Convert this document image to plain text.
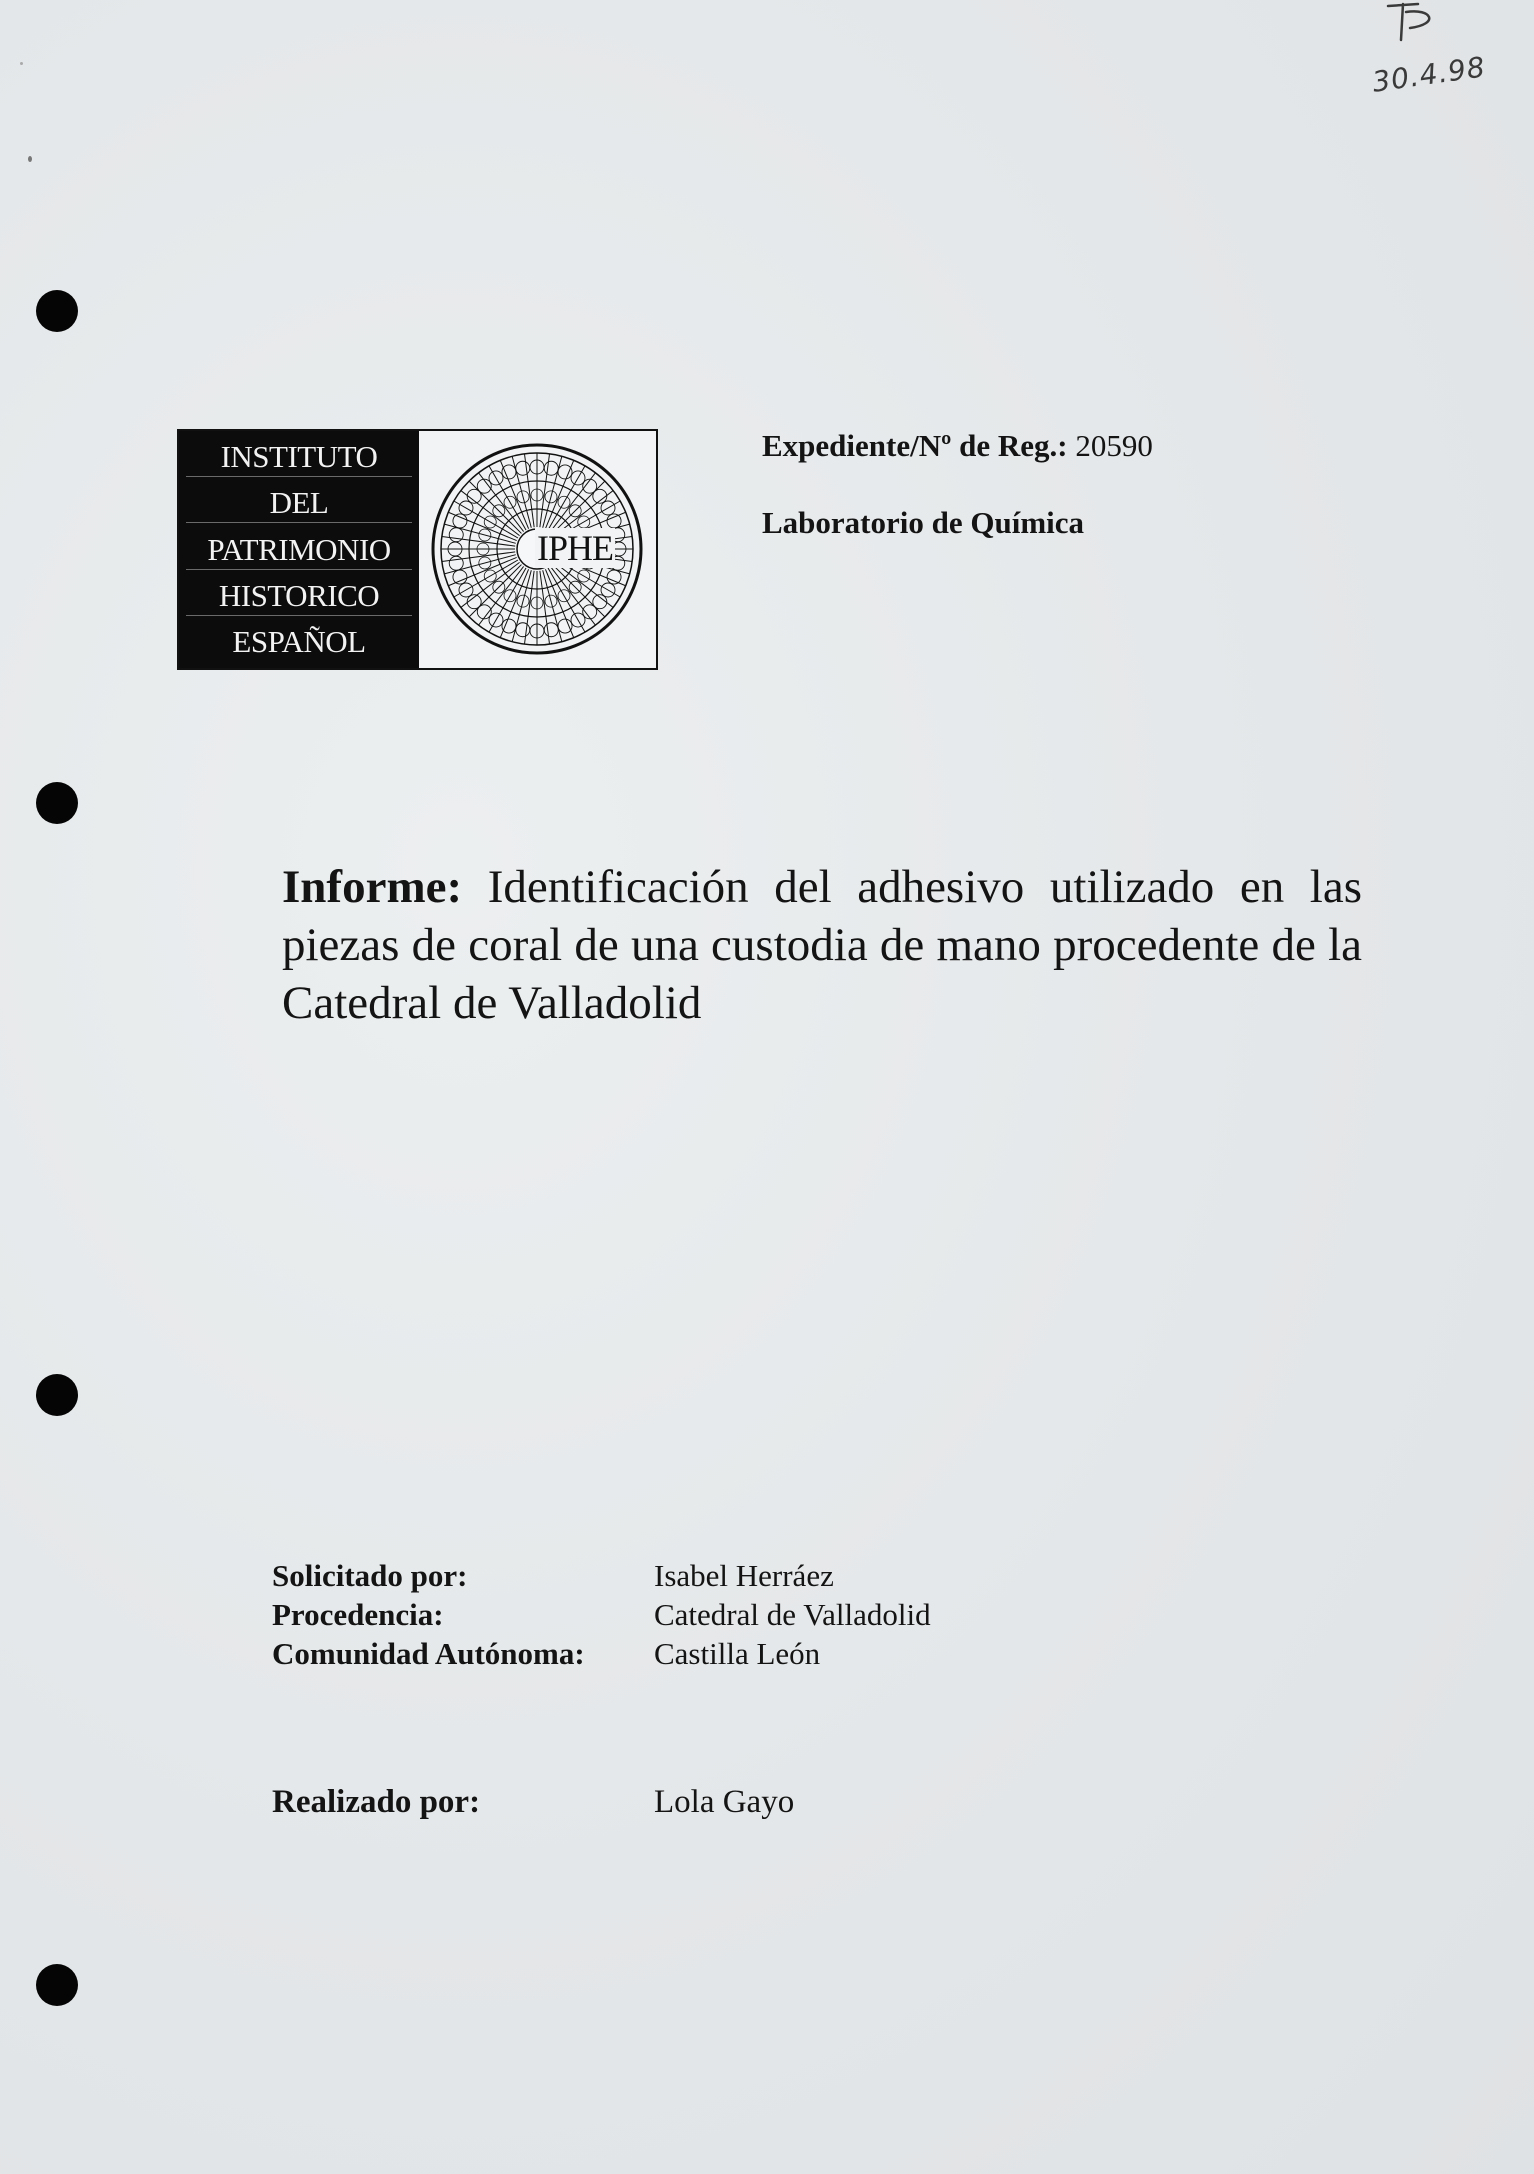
30.4.98
INSTITUTO
DEL
PATRIMONIO
HISTORICO
ESPAÑOL
IPHE
Expediente/Nº de Reg.: 20590
Laboratorio de Química
Informe: Identificación del adhesivo utilizado en las piezas de coral de una custodia de mano procedente de la Catedral de Valladolid
Solicitado por:	Isabel Herráez
Procedencia:	Catedral de Valladolid
Comunidad Autónoma:	Castilla León
Realizado por:	Lola Gayo
